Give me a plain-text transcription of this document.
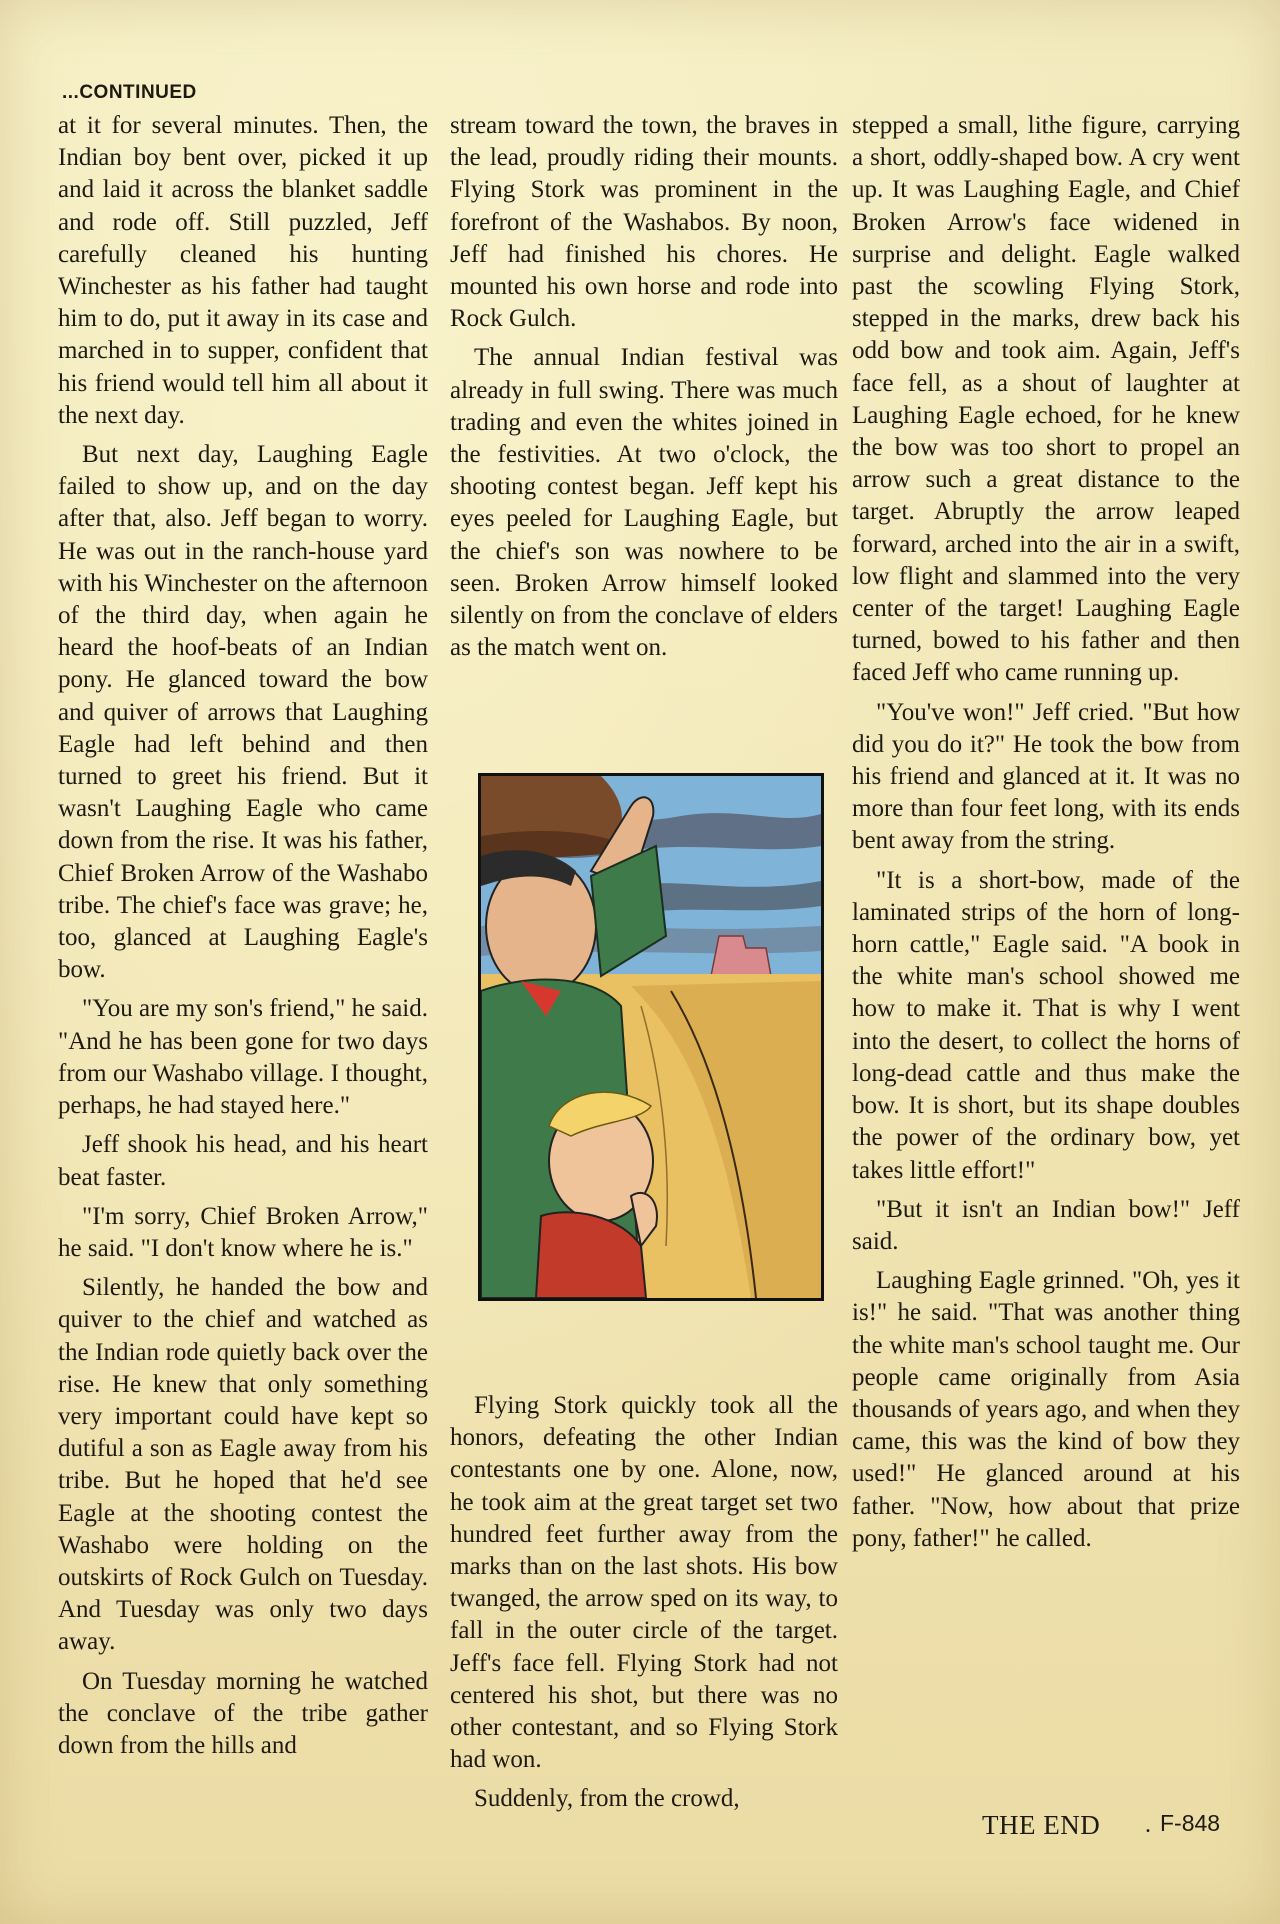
...CONTINUED

at it for several minutes. Then, the Indian boy bent over, picked it up and laid it across the blanket saddle and rode off. Still puzzled, Jeff carefully cleaned his hunting Winchester as his father had taught him to do, put it away in its case and marched in to supper, confident that his friend would tell him all about it the next day.

But next day, Laughing Eagle failed to show up, and on the day after that, also. Jeff began to worry. He was out in the ranch-house yard with his Winchester on the afternoon of the third day, when again he heard the hoof-beats of an Indian pony. He glanced toward the bow and quiver of arrows that Laughing Eagle had left behind and then turned to greet his friend. But it wasn't Laughing Eagle who came down from the rise. It was his father, Chief Broken Arrow of the Washabo tribe. The chief's face was grave; he, too, glanced at Laughing Eagle's bow.

"You are my son's friend," he said. "And he has been gone for two days from our Washabo village. I thought, perhaps, he had stayed here."

Jeff shook his head, and his heart beat faster.

"I'm sorry, Chief Broken Arrow," he said. "I don't know where he is."

Silently, he handed the bow and quiver to the chief and watched as the Indian rode quietly back over the rise. He knew that only something very important could have kept so dutiful a son as Eagle away from his tribe. But he hoped that he'd see Eagle at the shooting contest the Washabo were holding on the outskirts of Rock Gulch on Tuesday. And Tuesday was only two days away.

On Tuesday morning he watched the conclave of the tribe gather down from the hills and

stream toward the town, the braves in the lead, proudly riding their mounts. Flying Stork was prominent in the forefront of the Washabos. By noon, Jeff had finished his chores. He mounted his own horse and rode into Rock Gulch.

The annual Indian festival was already in full swing. There was much trading and even the whites joined in the festivities. At two o'clock, the shooting contest began. Jeff kept his eyes peeled for Laughing Eagle, but the chief's son was nowhere to be seen. Broken Arrow himself looked silently on from the conclave of elders as the match went on.

Flying Stork quickly took all the honors, defeating the other Indian contestants one by one. Alone, now, he took aim at the great target set two hundred feet further away from the marks than on the last shots. His bow twanged, the arrow sped on its way, to fall in the outer circle of the target. Jeff's face fell. Flying Stork had not centered his shot, but there was no other contestant, and so Flying Stork had won.

Suddenly, from the crowd,

stepped a small, lithe figure, carrying a short, oddly-shaped bow. A cry went up. It was Laughing Eagle, and Chief Broken Arrow's face widened in surprise and delight. Eagle walked past the scowling Flying Stork, stepped in the marks, drew back his odd bow and took aim. Again, Jeff's face fell, as a shout of laughter at Laughing Eagle echoed, for he knew the bow was too short to propel an arrow such a great distance to the target. Abruptly the arrow leaped forward, arched into the air in a swift, low flight and slammed into the very center of the target! Laughing Eagle turned, bowed to his father and then faced Jeff who came running up.

"You've won!" Jeff cried. "But how did you do it?" He took the bow from his friend and glanced at it. It was no more than four feet long, with its ends bent away from the string.

"It is a short-bow, made of the laminated strips of the horn of long-horn cattle," Eagle said. "A book in the white man's school showed me how to make it. That is why I went into the desert, to collect the horns of long-dead cattle and thus make the bow. It is short, but its shape doubles the power of the ordinary bow, yet takes little effort!"

"But it isn't an Indian bow!" Jeff said.

Laughing Eagle grinned. "Oh, yes it is!" he said. "That was another thing the white man's school taught me. Our people came originally from Asia thousands of years ago, and when they came, this was the kind of bow they used!" He glanced around at his father. "Now, how about that prize pony, father!" he called.

THE END . F-848
